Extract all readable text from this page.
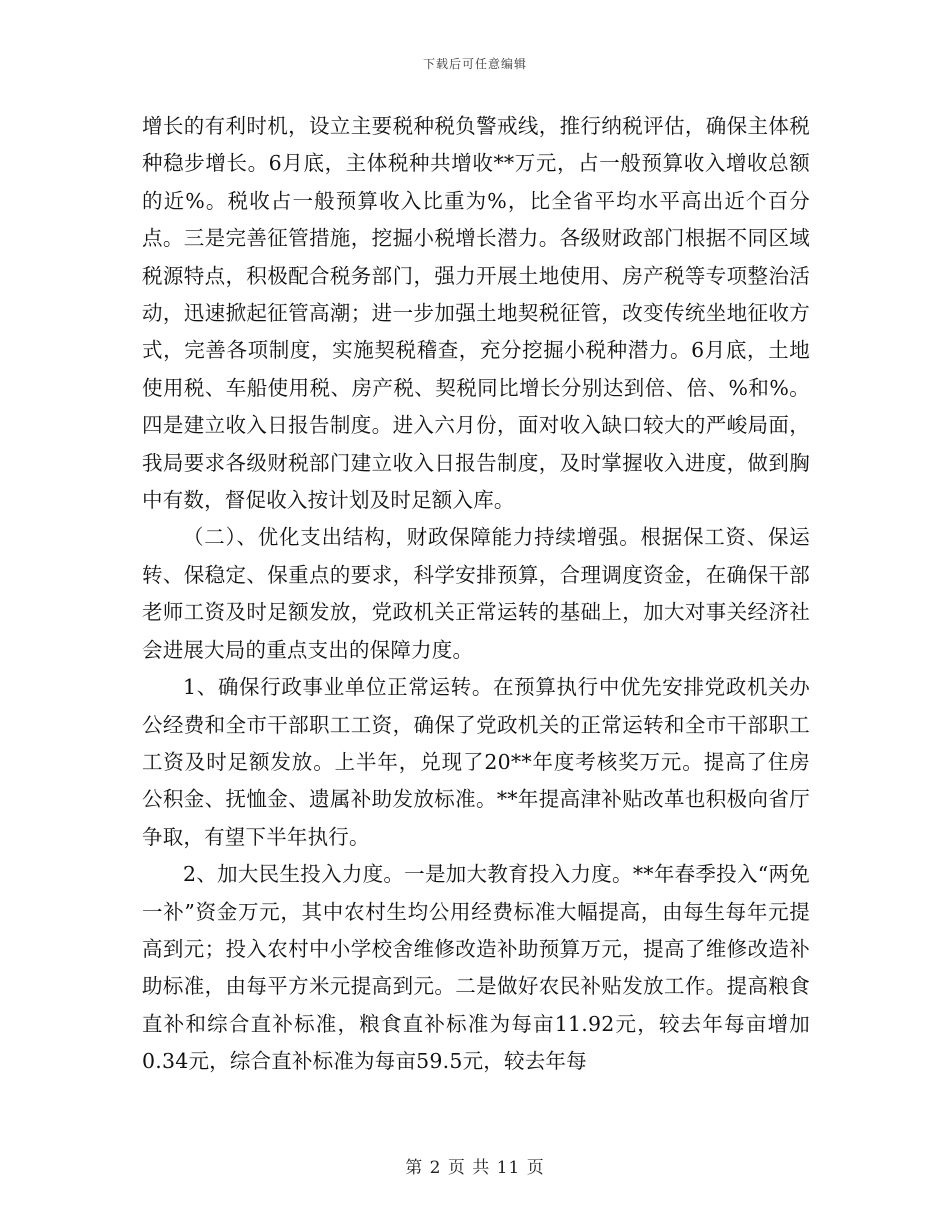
下载后可任意编辑

增长的有利时机，设立主要税种税负警戒线，推行纳税评估，确保主体税种稳步增长。6月底，主体税种共增收**万元，占一般预算收入增收总额的近%。税收占一般预算收入比重为%，比全省平均水平高出近个百分点。三是完善征管措施，挖掘小税增长潜力。各级财政部门根据不同区域税源特点，积极配合税务部门，强力开展土地使用、房产税等专项整治活动，迅速掀起征管高潮；进一步加强土地契税征管，改变传统坐地征收方式，完善各项制度，实施契税稽查，充分挖掘小税种潜力。6月底，土地使用税、车船使用税、房产税、契税同比增长分别达到倍、倍、%和%。四是建立收入日报告制度。进入六月份，面对收入缺口较大的严峻局面，我局要求各级财税部门建立收入日报告制度，及时掌握收入进度，做到胸中有数，督促收入按计划及时足额入库。

（二）、优化支出结构，财政保障能力持续增强。根据保工资、保运转、保稳定、保重点的要求，科学安排预算，合理调度资金，在确保干部老师工资及时足额发放，党政机关正常运转的基础上，加大对事关经济社会进展大局的重点支出的保障力度。

1、确保行政事业单位正常运转。在预算执行中优先安排党政机关办公经费和全市干部职工工资，确保了党政机关的正常运转和全市干部职工工资及时足额发放。上半年，兑现了20**年度考核奖万元。提高了住房公积金、抚恤金、遗属补助发放标准。**年提高津补贴改革也积极向省厅争取，有望下半年执行。

2、加大民生投入力度。一是加大教育投入力度。**年春季投入“两免一补”资金万元，其中农村生均公用经费标准大幅提高，由每生每年元提高到元；投入农村中小学校舍维修改造补助预算万元，提高了维修改造补助标准，由每平方米元提高到元。二是做好农民补贴发放工作。提高粮食直补和综合直补标准，粮食直补标准为每亩11.92元，较去年每亩增加0.34元，综合直补标准为每亩59.5元，较去年每

第 2 页 共 11 页
